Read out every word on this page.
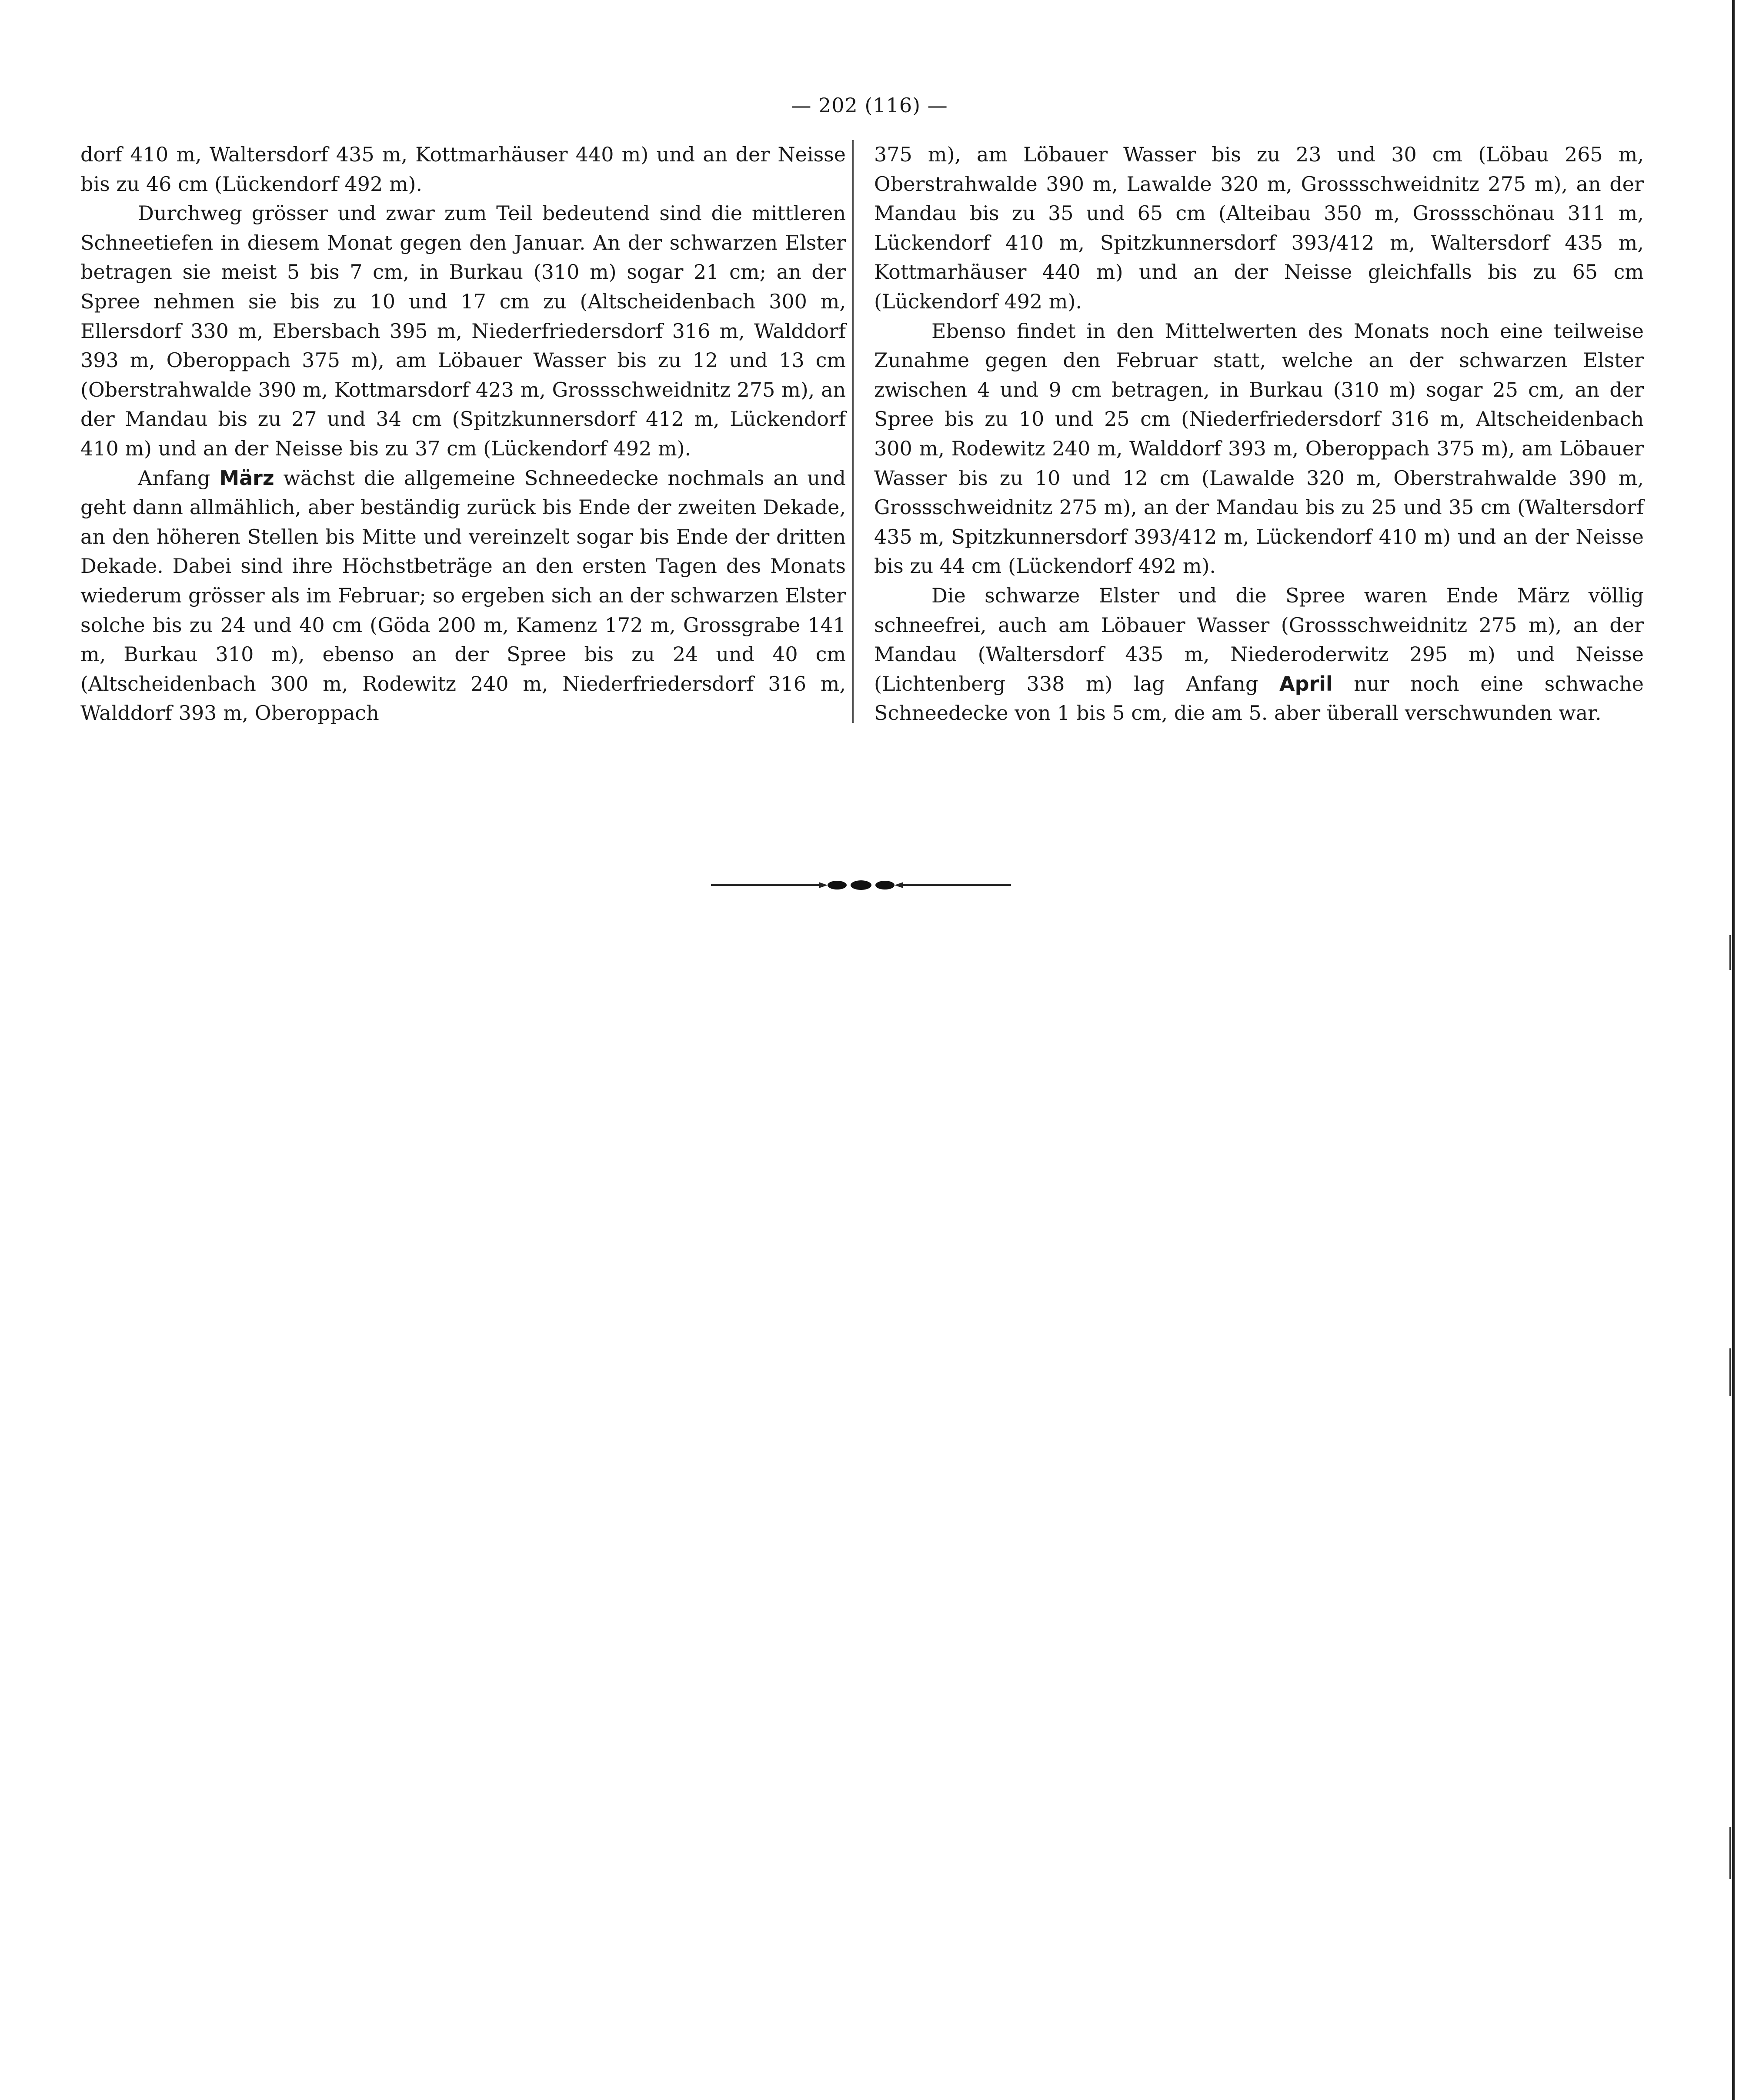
— 202 (116) —

dorf 410 m, Waltersdorf 435 m, Kottmarhäuser 440 m) und an der Neisse bis zu 46 cm (Lückendorf 492 m).

Durchweg grösser und zwar zum Teil bedeutend sind die mittleren Schneetiefen in diesem Monat gegen den Januar. An der schwarzen Elster betragen sie meist 5 bis 7 cm, in Burkau (310 m) sogar 21 cm; an der Spree nehmen sie bis zu 10 und 17 cm zu (Altscheidenbach 300 m, Ellersdorf 330 m, Ebersbach 395 m, Niederfriedersdorf 316 m, Walddorf 393 m, Oberoppach 375 m), am Löbauer Wasser bis zu 12 und 13 cm (Oberstrahwalde 390 m, Kottmarsdorf 423 m, Grossschweidnitz 275 m), an der Mandau bis zu 27 und 34 cm (Spitzkunnersdorf 412 m, Lückendorf 410 m) und an der Neisse bis zu 37 cm (Lückendorf 492 m).

Anfang März wächst die allgemeine Schneedecke nochmals an und geht dann allmählich, aber beständig zurück bis Ende der zweiten Dekade, an den höheren Stellen bis Mitte und vereinzelt sogar bis Ende der dritten Dekade. Dabei sind ihre Höchstbeträge an den ersten Tagen des Monats wiederum grösser als im Februar; so ergeben sich an der schwarzen Elster solche bis zu 24 und 40 cm (Göda 200 m, Kamenz 172 m, Grossgrabe 141 m, Burkau 310 m), ebenso an der Spree bis zu 24 und 40 cm (Altscheidenbach 300 m, Rodewitz 240 m, Niederfriedersdorf 316 m, Walddorf 393 m, Oberoppach

375 m), am Löbauer Wasser bis zu 23 und 30 cm (Löbau 265 m, Oberstrahwalde 390 m, Lawalde 320 m, Grossschweidnitz 275 m), an der Mandau bis zu 35 und 65 cm (Alteibau 350 m, Grossschönau 311 m, Lückendorf 410 m, Spitzkunnersdorf 393/412 m, Waltersdorf 435 m, Kottmarhäuser 440 m) und an der Neisse gleichfalls bis zu 65 cm (Lückendorf 492 m).

Ebenso findet in den Mittelwerten des Monats noch eine teilweise Zunahme gegen den Februar statt, welche an der schwarzen Elster zwischen 4 und 9 cm betragen, in Burkau (310 m) sogar 25 cm, an der Spree bis zu 10 und 25 cm (Niederfriedersdorf 316 m, Altscheidenbach 300 m, Rodewitz 240 m, Walddorf 393 m, Oberoppach 375 m), am Löbauer Wasser bis zu 10 und 12 cm (Lawalde 320 m, Oberstrahwalde 390 m, Grossschweidnitz 275 m), an der Mandau bis zu 25 und 35 cm (Waltersdorf 435 m, Spitzkunnersdorf 393/412 m, Lückendorf 410 m) und an der Neisse bis zu 44 cm (Lückendorf 492 m).

Die schwarze Elster und die Spree waren Ende März völlig schneefrei, auch am Löbauer Wasser (Grossschweidnitz 275 m), an der Mandau (Waltersdorf 435 m, Niederoderwitz 295 m) und Neisse (Lichtenberg 338 m) lag Anfang April nur noch eine schwache Schneedecke von 1 bis 5 cm, die am 5. aber überall verschwunden war.
